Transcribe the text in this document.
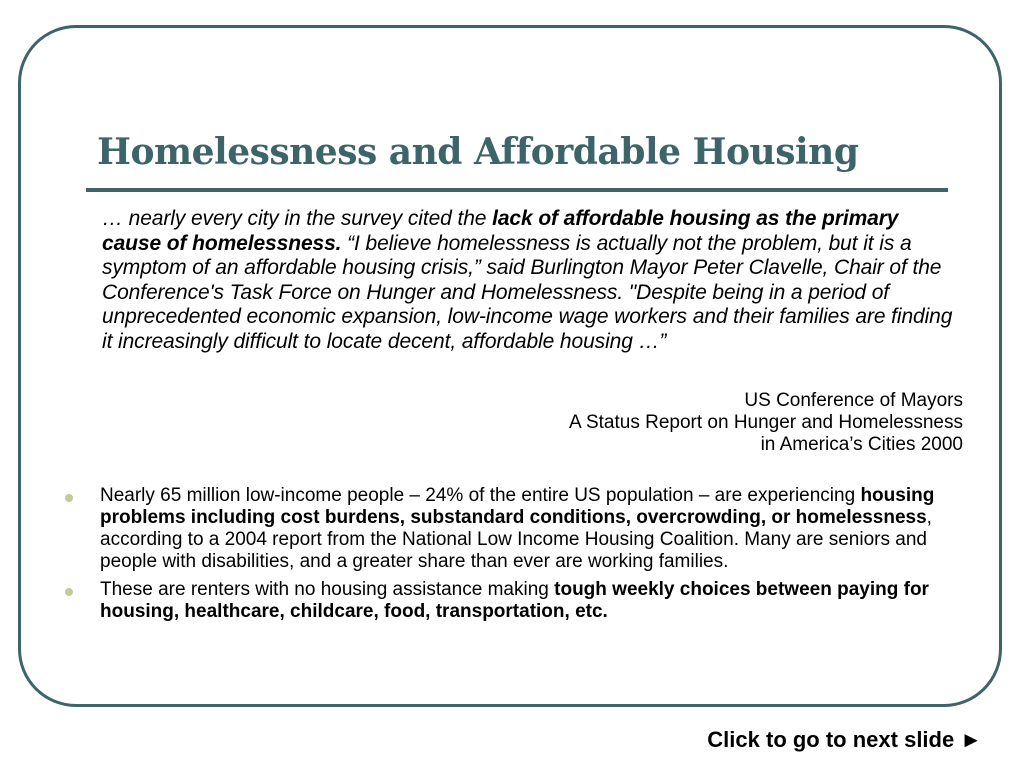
Homelessness and Affordable Housing

… nearly every city in the survey cited the lack of affordable housing as the primary cause of homelessness. “I believe homelessness is actually not the problem, but it is a symptom of an affordable housing crisis,” said Burlington Mayor Peter Clavelle, Chair of the Conference's Task Force on Hunger and Homelessness. "Despite being in a period of unprecedented economic expansion, low-income wage workers and their families are finding it increasingly difficult to locate decent, affordable housing …”

US Conference of Mayors
A Status Report on Hunger and Homelessness
in America’s Cities 2000
Nearly 65 million low-income people – 24% of the entire US population – are experiencing housing problems including cost burdens, substandard conditions, overcrowding, or homelessness, according to a 2004 report from the National Low Income Housing Coalition. Many are seniors and people with disabilities, and a greater share than ever are working families.
These are renters with no housing assistance making tough weekly choices between paying for housing, healthcare, childcare, food, transportation, etc.
Click to go to next slide ►
